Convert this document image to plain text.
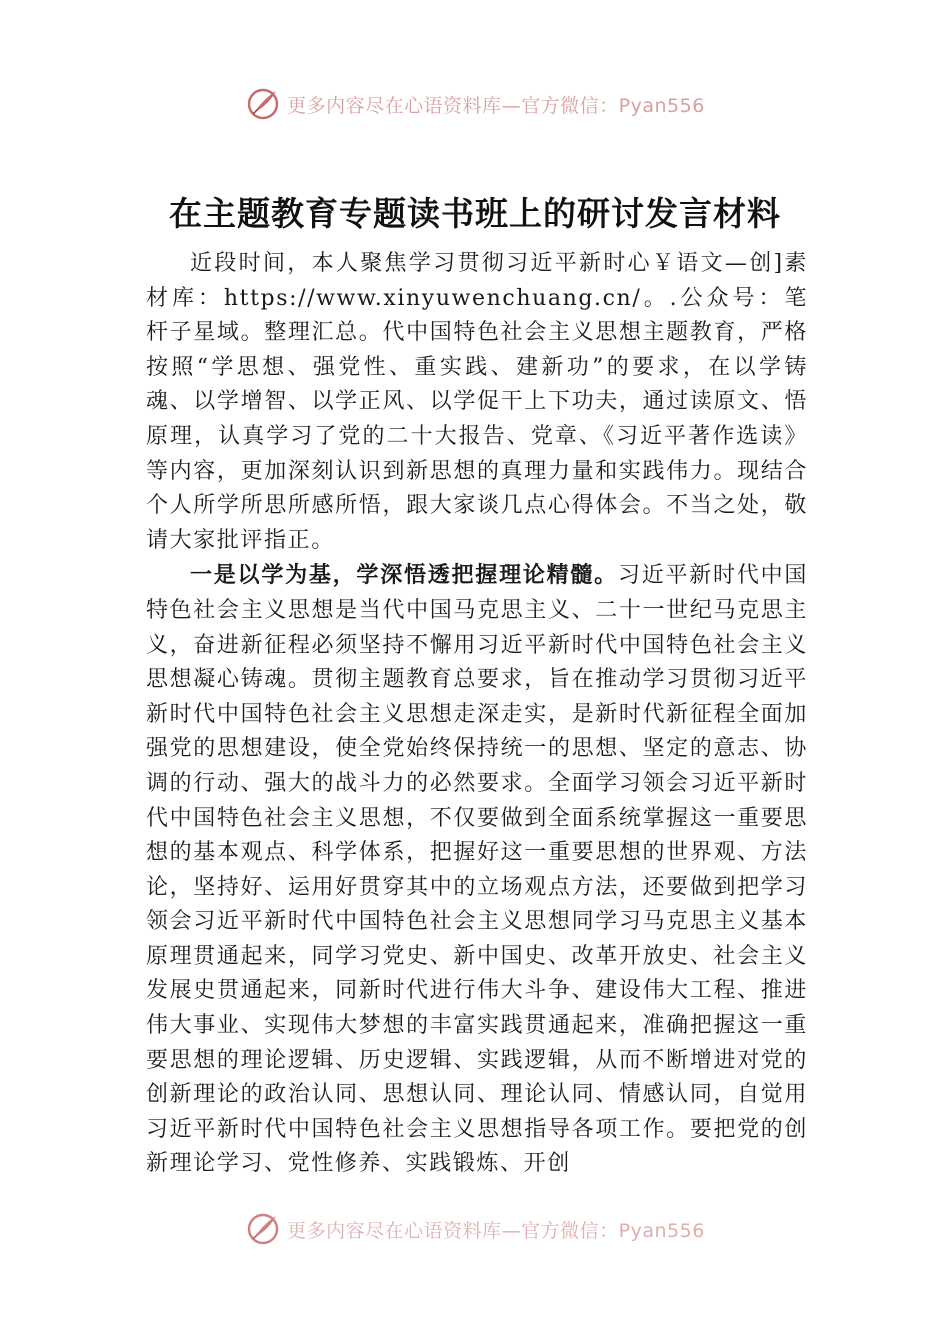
更多内容尽在心语资料库—官方微信：Pyan556
在主题教育专题读书班上的研讨发言材料

近段时间，本人聚焦学习贯彻习近平新时心￥语文—创]素材库：https://www.xinyuwenchuang.cn/。.公众号：笔杆子星域。整理汇总。代中国特色社会主义思想主题教育，严格按照“学思想、强党性、重实践、建新功”的要求，在以学铸魂、以学增智、以学正风、以学促干上下功夫，通过读原文、悟原理，认真学习了党的二十大报告、党章、《习近平著作选读》等内容，更加深刻认识到新思想的真理力量和实践伟力。现结合个人所学所思所感所悟，跟大家谈几点心得体会。不当之处，敬请大家批评指正。

一是以学为基，学深悟透把握理论精髓。习近平新时代中国特色社会主义思想是当代中国马克思主义、二十一世纪马克思主义，奋进新征程必须坚持不懈用习近平新时代中国特色社会主义思想凝心铸魂。贯彻主题教育总要求，旨在推动学习贯彻习近平新时代中国特色社会主义思想走深走实，是新时代新征程全面加强党的思想建设，使全党始终保持统一的思想、坚定的意志、协调的行动、强大的战斗力的必然要求。全面学习领会习近平新时代中国特色社会主义思想，不仅要做到全面系统掌握这一重要思想的基本观点、科学体系，把握好这一重要思想的世界观、方法论，坚持好、运用好贯穿其中的立场观点方法，还要做到把学习领会习近平新时代中国特色社会主义思想同学习马克思主义基本原理贯通起来，同学习党史、新中国史、改革开放史、社会主义发展史贯通起来，同新时代进行伟大斗争、建设伟大工程、推进伟大事业、实现伟大梦想的丰富实践贯通起来，准确把握这一重要思想的理论逻辑、历史逻辑、实践逻辑，从而不断增进对党的创新理论的政治认同、思想认同、理论认同、情感认同，自觉用习近平新时代中国特色社会主义思想指导各项工作。要把党的创新理论学习、党性修养、实践锻炼、开创

更多内容尽在心语资料库—官方微信：Pyan556
